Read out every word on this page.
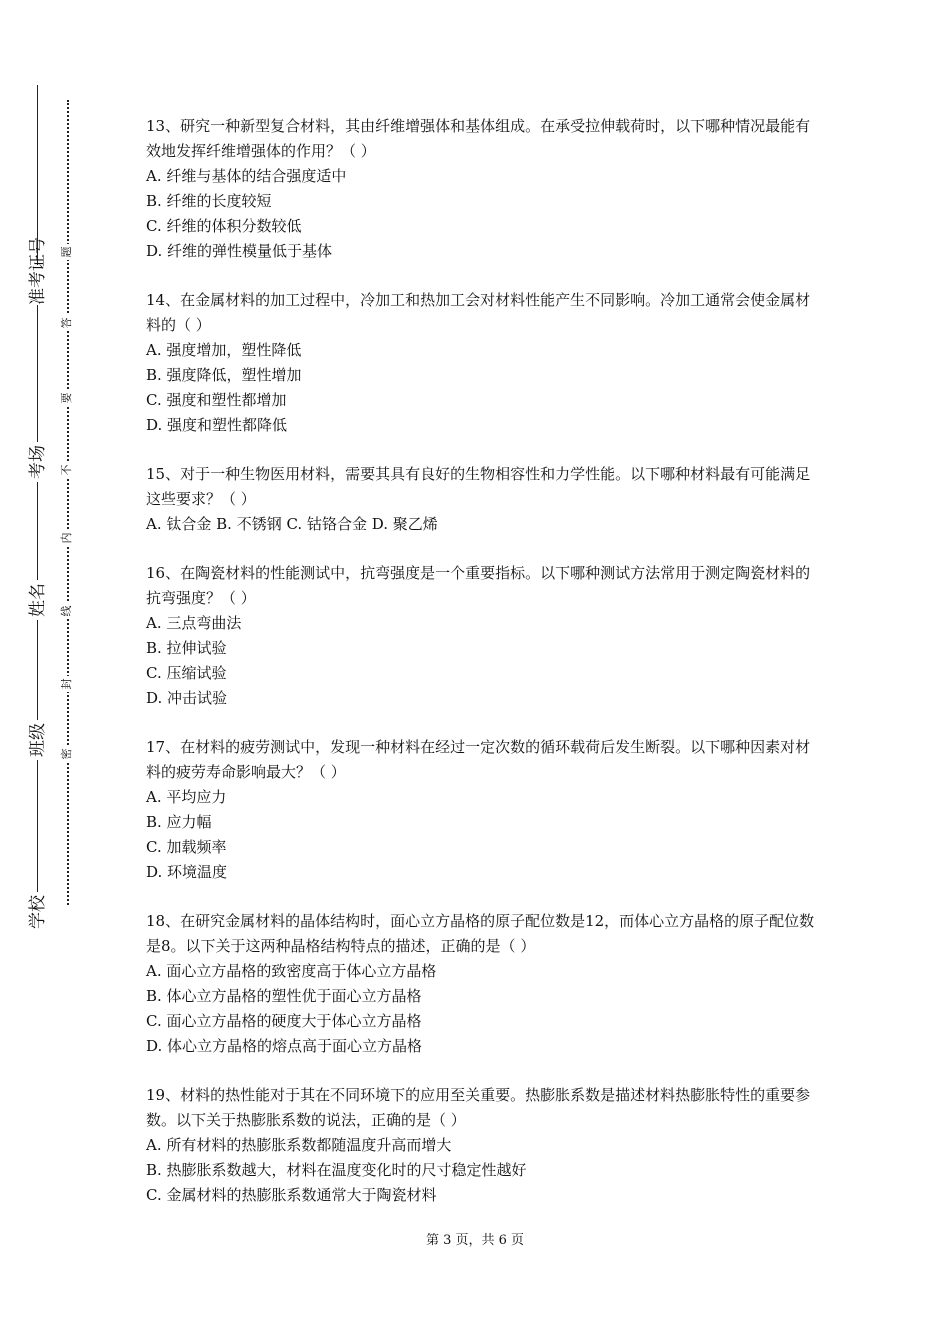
准考证号
考场
姓名
班级
学校
题
答
要
不
内
线
封
密

13、研究一种新型复合材料，其由纤维增强体和基体组成。在承受拉伸载荷时，以下哪种情况最能有效地发挥纤维增强体的作用？（ ）

A. 纤维与基体的结合强度适中

B. 纤维的长度较短

C. 纤维的体积分数较低

D. 纤维的弹性模量低于基体

14、在金属材料的加工过程中，冷加工和热加工会对材料性能产生不同影响。冷加工通常会使金属材料的（ ）

A. 强度增加，塑性降低

B. 强度降低，塑性增加

C. 强度和塑性都增加

D. 强度和塑性都降低

15、对于一种生物医用材料，需要其具有良好的生物相容性和力学性能。以下哪种材料最有可能满足这些要求？（ ）

A. 钛合金 B. 不锈钢 C. 钴铬合金 D. 聚乙烯

16、在陶瓷材料的性能测试中，抗弯强度是一个重要指标。以下哪种测试方法常用于测定陶瓷材料的抗弯强度？（ ）

A. 三点弯曲法

B. 拉伸试验

C. 压缩试验

D. 冲击试验

17、在材料的疲劳测试中，发现一种材料在经过一定次数的循环载荷后发生断裂。以下哪种因素对材料的疲劳寿命影响最大？（ ）

A. 平均应力

B. 应力幅

C. 加载频率

D. 环境温度

18、在研究金属材料的晶体结构时，面心立方晶格的原子配位数是12，而体心立方晶格的原子配位数是8。以下关于这两种晶格结构特点的描述，正确的是（ ）

A. 面心立方晶格的致密度高于体心立方晶格

B. 体心立方晶格的塑性优于面心立方晶格

C. 面心立方晶格的硬度大于体心立方晶格

D. 体心立方晶格的熔点高于面心立方晶格

19、材料的热性能对于其在不同环境下的应用至关重要。热膨胀系数是描述材料热膨胀特性的重要参数。以下关于热膨胀系数的说法，正确的是（ ）

A. 所有材料的热膨胀系数都随温度升高而增大

B. 热膨胀系数越大，材料在温度变化时的尺寸稳定性越好

C. 金属材料的热膨胀系数通常大于陶瓷材料

第 3 页，共 6 页
